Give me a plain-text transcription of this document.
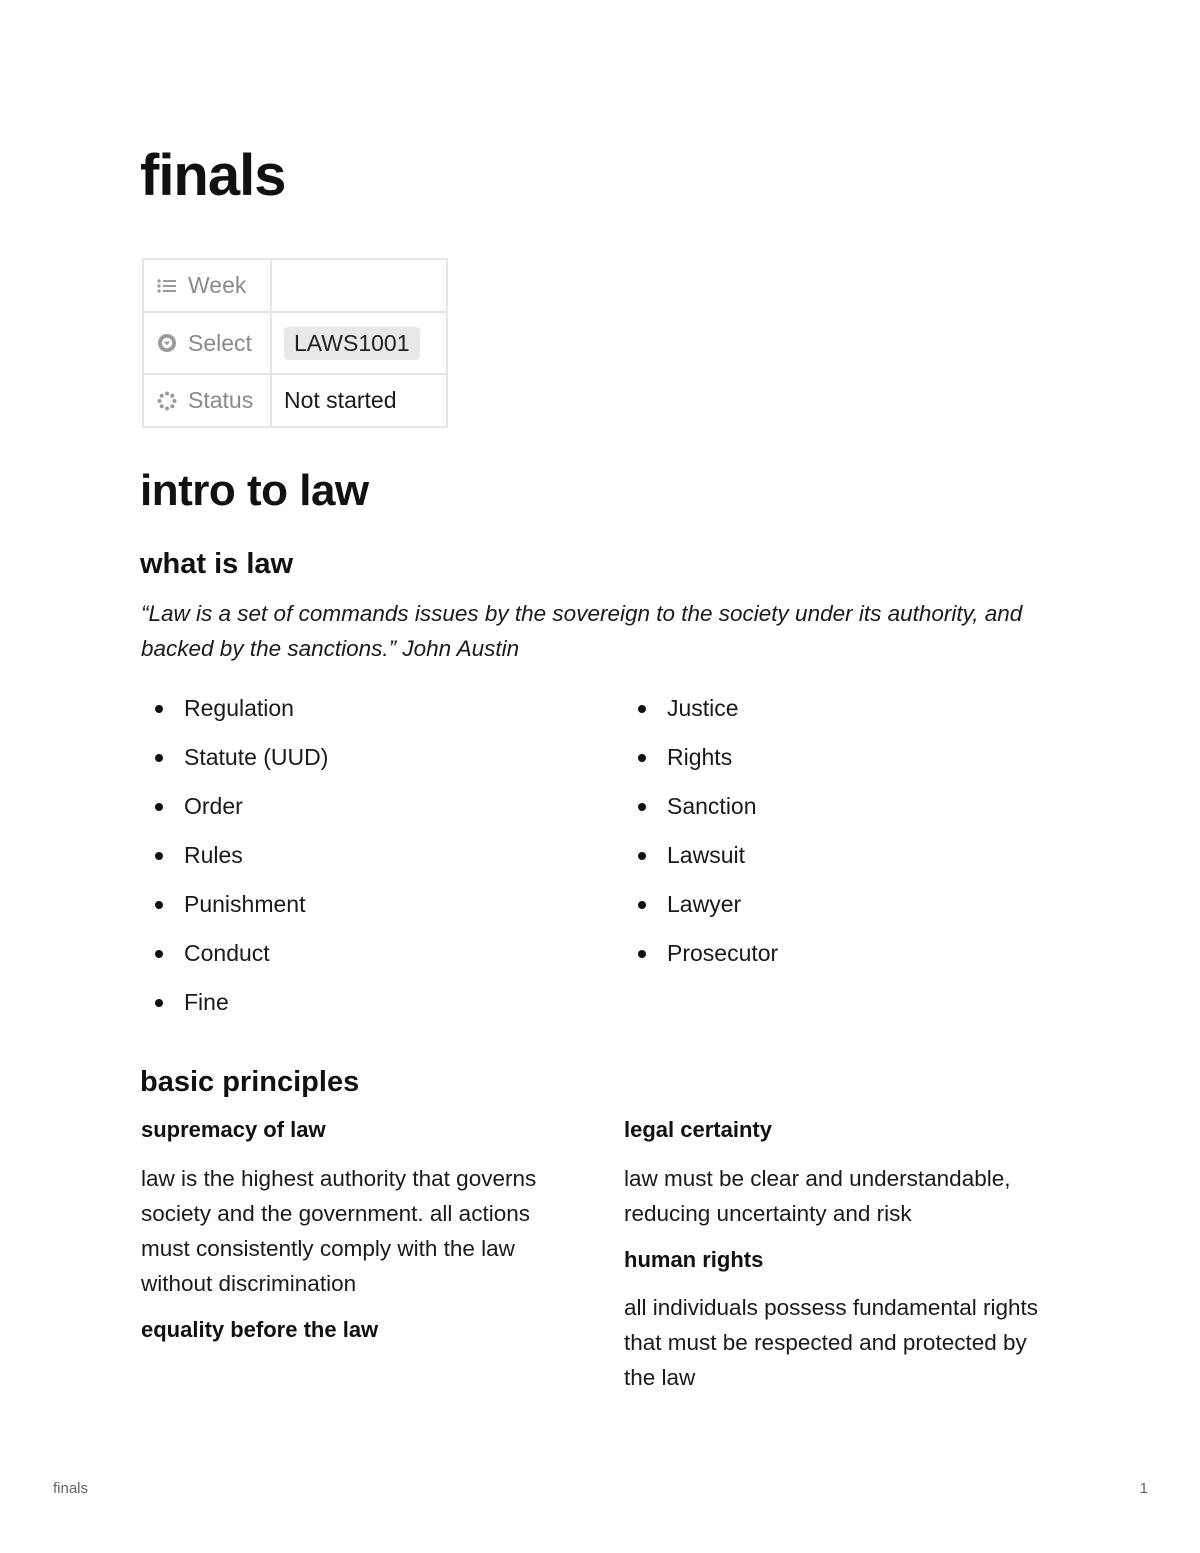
finals
Week	

Select	LAWS1001

Status	Not started
intro to law
what is law

“Law is a set of commands issues by the sovereign to the society under its authority, and backed by the sanctions.” John Austin

Regulation
Statute (UUD)
Order
Rules
Punishment
Conduct
Fine
Justice
Rights
Sanction
Lawsuit
Lawyer
Prosecutor
basic principles
supremacy of law

law is the highest authority that governs society and the government. all actions must consistently comply with the law without discrimination

equality before the law
legal certainty

law must be clear and understandable, reducing uncertainty and risk

human rights

all individuals possess fundamental rights that must be respected and protected by the law

finals	1
